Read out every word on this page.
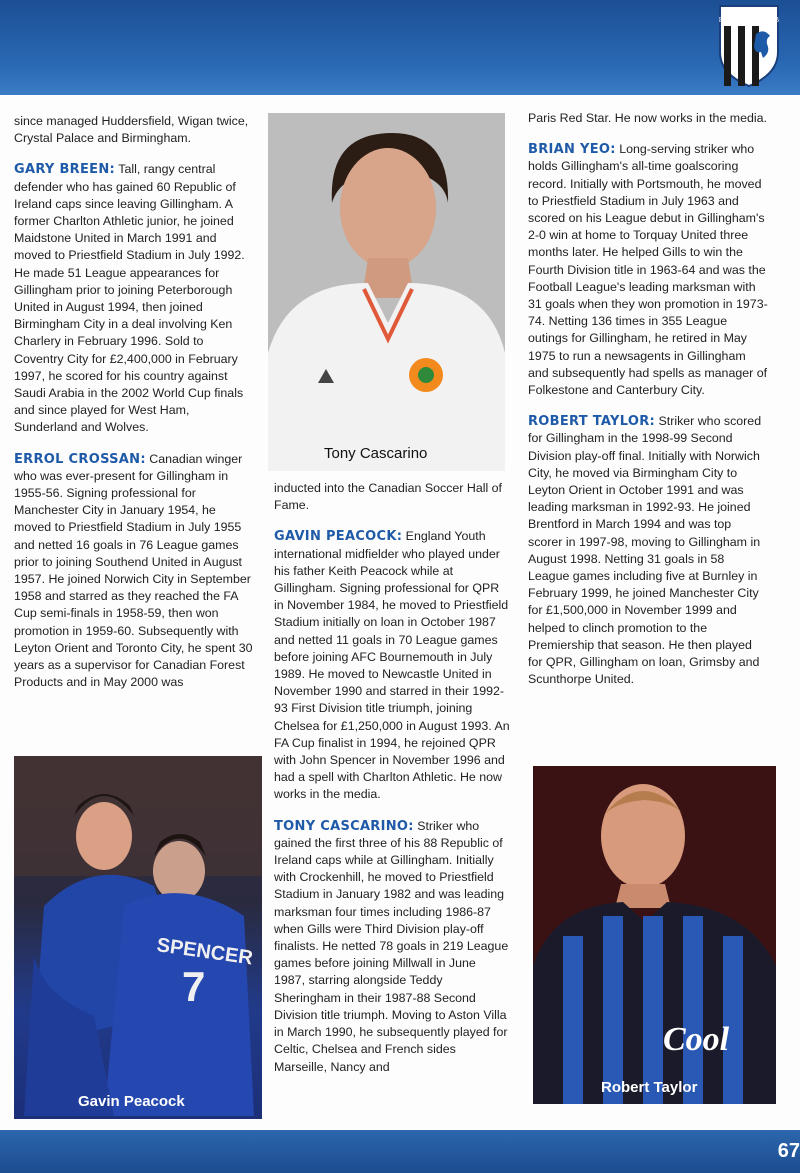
GILLINGHAM FOOTBALL CLUB

since managed Huddersfield, Wigan twice, Crystal Palace and Birmingham.

GARY BREEN: Tall, rangy central defender who has gained 60 Republic of Ireland caps since leaving Gillingham. A former Charlton Athletic junior, he joined Maidstone United in March 1991 and moved to Priestfield Stadium in July 1992. He made 51 League appearances for Gillingham prior to joining Peterborough United in August 1994, then joined Birmingham City in a deal involving Ken Charlery in February 1996. Sold to Coventry City for £2,400,000 in February 1997, he scored for his country against Saudi Arabia in the 2002 World Cup finals and since played for West Ham, Sunderland and Wolves.

ERROL CROSSAN: Canadian winger who was ever-present for Gillingham in 1955-56. Signing professional for Manchester City in January 1954, he moved to Priestfield Stadium in July 1955 and netted 16 goals in 76 League games prior to joining Southend United in August 1957. He joined Norwich City in September 1958 and starred as they reached the FA Cup semi-finals in 1958-59, then won promotion in 1959-60. Subsequently with Leyton Orient and Toronto City, he spent 30 years as a supervisor for Canadian Forest Products and in May 2000 was

SPENCER
7
Gavin Peacock
Tony Cascarino

inducted into the Canadian Soccer Hall of Fame.

GAVIN PEACOCK: England Youth international midfielder who played under his father Keith Peacock while at Gillingham. Signing professional for QPR in November 1984, he moved to Priestfield Stadium initially on loan in October 1987 and netted 11 goals in 70 League games before joining AFC Bournemouth in July 1989. He moved to Newcastle United in November 1990 and starred in their 1992-93 First Division title triumph, joining Chelsea for £1,250,000 in August 1993. An FA Cup finalist in 1994, he rejoined QPR with John Spencer in November 1996 and had a spell with Charlton Athletic. He now works in the media.

TONY CASCARINO: Striker who gained the first three of his 88 Republic of Ireland caps while at Gillingham. Initially with Crockenhill, he moved to Priestfield Stadium in January 1982 and was leading marksman four times including 1986-87 when Gills were Third Division play-off finalists. He netted 78 goals in 219 League games before joining Millwall in June 1987, starring alongside Teddy Sheringham in their 1987-88 Second Division title triumph. Moving to Aston Villa in March 1990, he subsequently played for Celtic, Chelsea and French sides Marseille, Nancy and

Paris Red Star. He now works in the media.

BRIAN YEO: Long-serving striker who holds Gillingham's all-time goalscoring record. Initially with Portsmouth, he moved to Priestfield Stadium in July 1963 and scored on his League debut in Gillingham's 2-0 win at home to Torquay United three months later. He helped Gills to win the Fourth Division title in 1963-64 and was the Football League's leading marksman with 31 goals when they won promotion in 1973-74. Netting 136 times in 355 League outings for Gillingham, he retired in May 1975 to run a newsagents in Gillingham and subsequently had spells as manager of Folkestone and Canterbury City.

ROBERT TAYLOR: Striker who scored for Gillingham in the 1998-99 Second Division play-off final. Initially with Norwich City, he moved via Birmingham City to Leyton Orient in October 1991 and was leading marksman in 1992-93. He joined Brentford in March 1994 and was top scorer in 1997-98, moving to Gillingham in August 1998. Netting 31 goals in 58 League games including five at Burnley in February 1999, he joined Manchester City for £1,500,000 in November 1999 and helped to clinch promotion to the Premiership that season. He then played for QPR, Gillingham on loan, Grimsby and Scunthorpe United.

Cool
Robert Taylor
67
